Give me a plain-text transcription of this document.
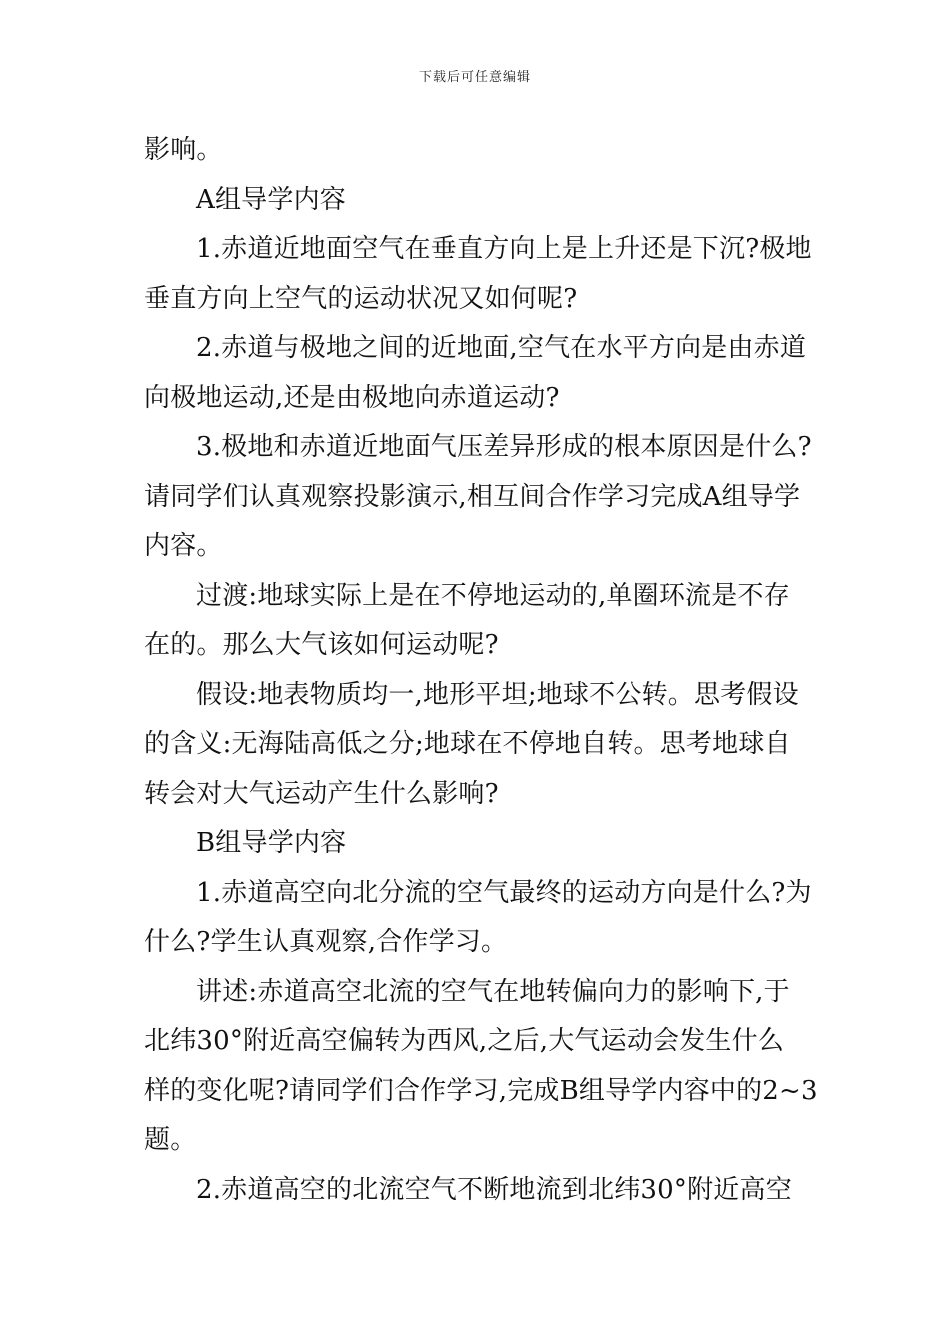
下载后可任意编辑
影响。
A组导学内容
1.赤道近地面空气在垂直方向上是上升还是下沉?极地
垂直方向上空气的运动状况又如何呢?
2.赤道与极地之间的近地面,空气在水平方向是由赤道
向极地运动,还是由极地向赤道运动?
3.极地和赤道近地面气压差异形成的根本原因是什么?
请同学们认真观察投影演示,相互间合作学习完成A组导学
内容。
过渡:地球实际上是在不停地运动的,单圈环流是不存
在的。那么大气该如何运动呢?
假设:地表物质均一,地形平坦;地球不公转。思考假设
的含义:无海陆高低之分;地球在不停地自转。思考地球自
转会对大气运动产生什么影响?
B组导学内容
1.赤道高空向北分流的空气最终的运动方向是什么?为
什么?学生认真观察,合作学习。
讲述:赤道高空北流的空气在地转偏向力的影响下,于
北纬30°附近高空偏转为西风,之后,大气运动会发生什么
样的变化呢?请同学们合作学习,完成B组导学内容中的2~3
题。
2.赤道高空的北流空气不断地流到北纬30°附近高空
